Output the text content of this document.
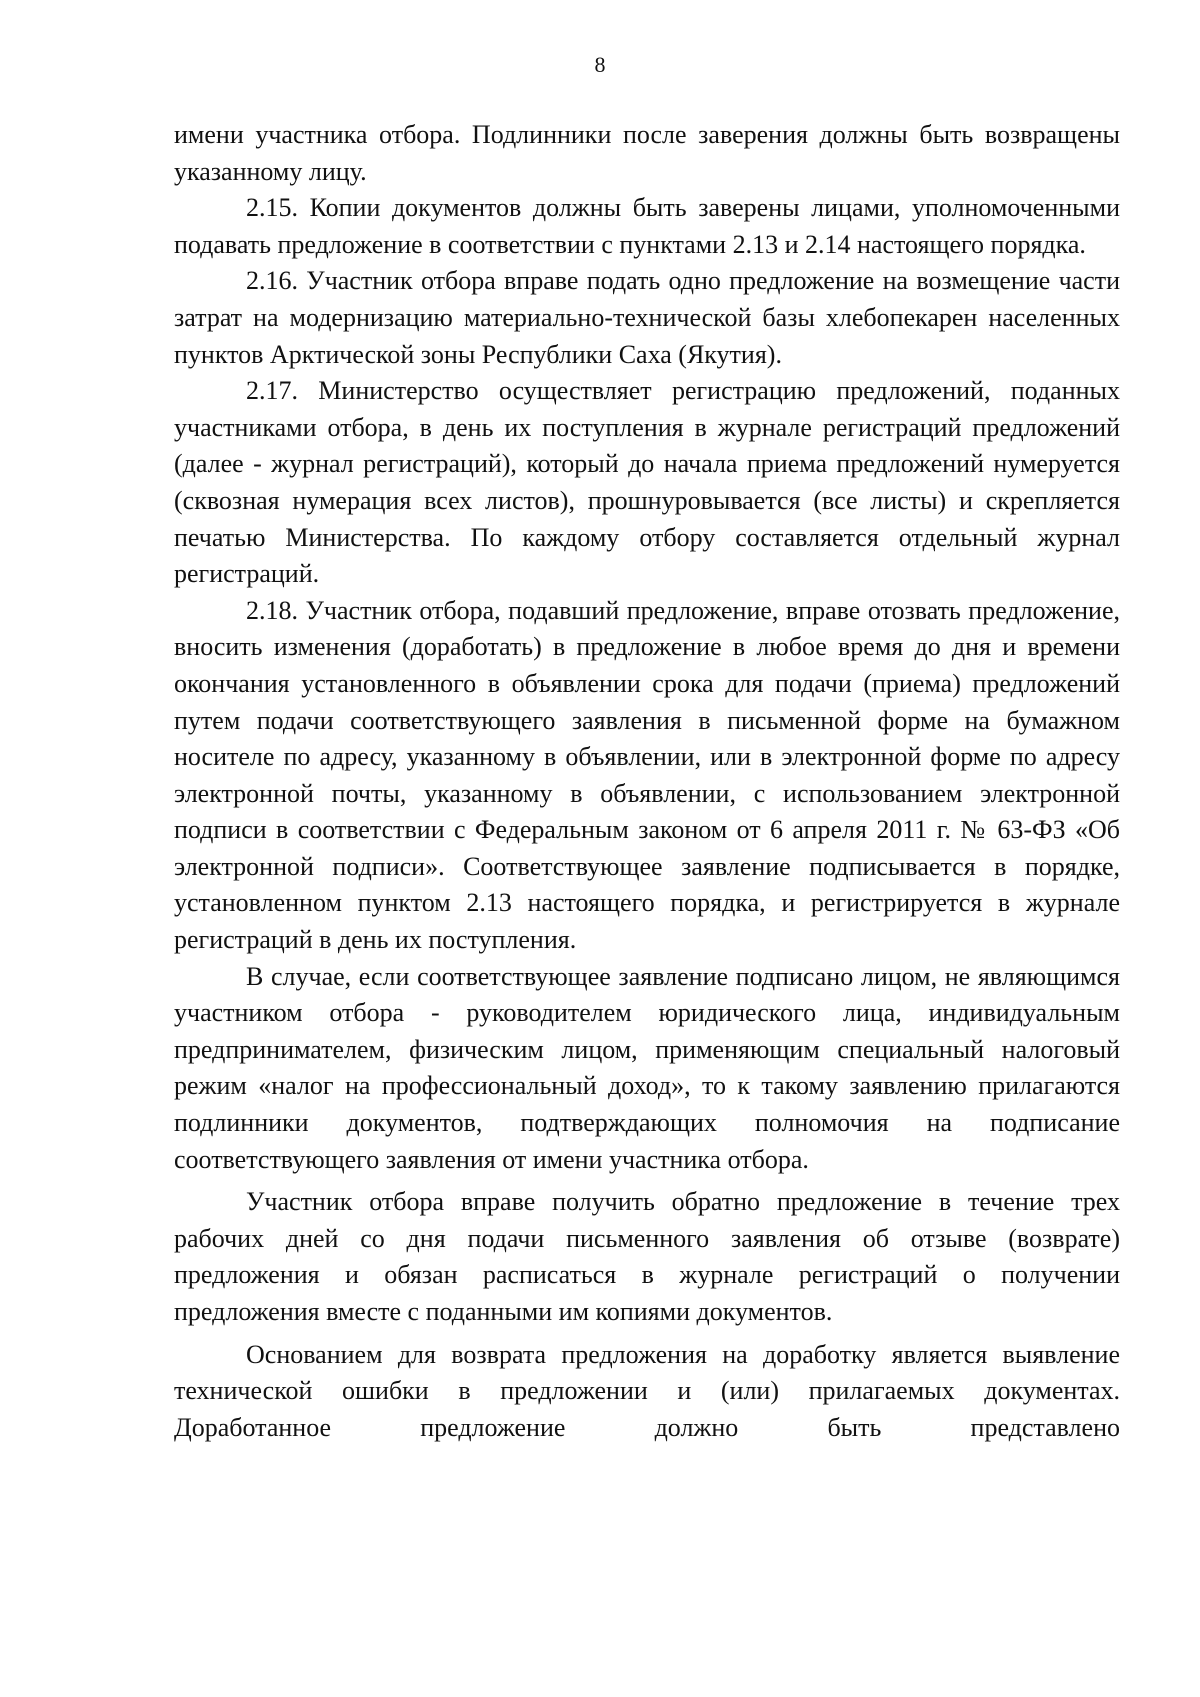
8

имени участника отбора. Подлинники после заверения должны быть возвращены указанному лицу.

2.15. Копии документов должны быть заверены лицами, уполномоченными подавать предложение в соответствии с пунктами 2.13 и 2.14 настоящего порядка.

2.16. Участник отбора вправе подать одно предложение на возмещение части затрат на модернизацию материально-технической базы хлебопекарен населенных пунктов Арктической зоны Республики Саха (Якутия).

2.17. Министерство осуществляет регистрацию предложений, поданных участниками отбора, в день их поступления в журнале регистраций предложений (далее - журнал регистраций), который до начала приема предложений нумеруется (сквозная нумерация всех листов), прошнуровывается (все листы) и скрепляется печатью Министерства. По каждому отбору составляется отдельный журнал регистраций.

2.18. Участник отбора, подавший предложение, вправе отозвать предложение, вносить изменения (доработать) в предложение в любое время до дня и времени окончания установленного в объявлении срока для подачи (приема) предложений путем подачи соответствующего заявления в письменной форме на бумажном носителе по адресу, указанному в объявлении, или в электронной форме по адресу электронной почты, указанному в объявлении, с использованием электронной подписи в соответствии с Федеральным законом от 6 апреля 2011 г. № 63-ФЗ «Об электронной подписи». Соответствующее заявление подписывается в порядке, установленном пунктом 2.13 настоящего порядка, и регистрируется в журнале регистраций в день их поступления.

В случае, если соответствующее заявление подписано лицом, не являющимся участником отбора - руководителем юридического лица, индивидуальным предпринимателем, физическим лицом, применяющим специальный налоговый режим «налог на профессиональный доход», то к такому заявлению прилагаются подлинники документов, подтверждающих полномочия на подписание соответствующего заявления от имени участника отбора.

Участник отбора вправе получить обратно предложение в течение трех рабочих дней со дня подачи письменного заявления об отзыве (возврате) предложения и обязан расписаться в журнале регистраций о получении предложения вместе с поданными им копиями документов.

Основанием для возврата предложения на доработку является выявление технической ошибки в предложении и (или) прилагаемых документах. Доработанное предложение должно быть представлено
